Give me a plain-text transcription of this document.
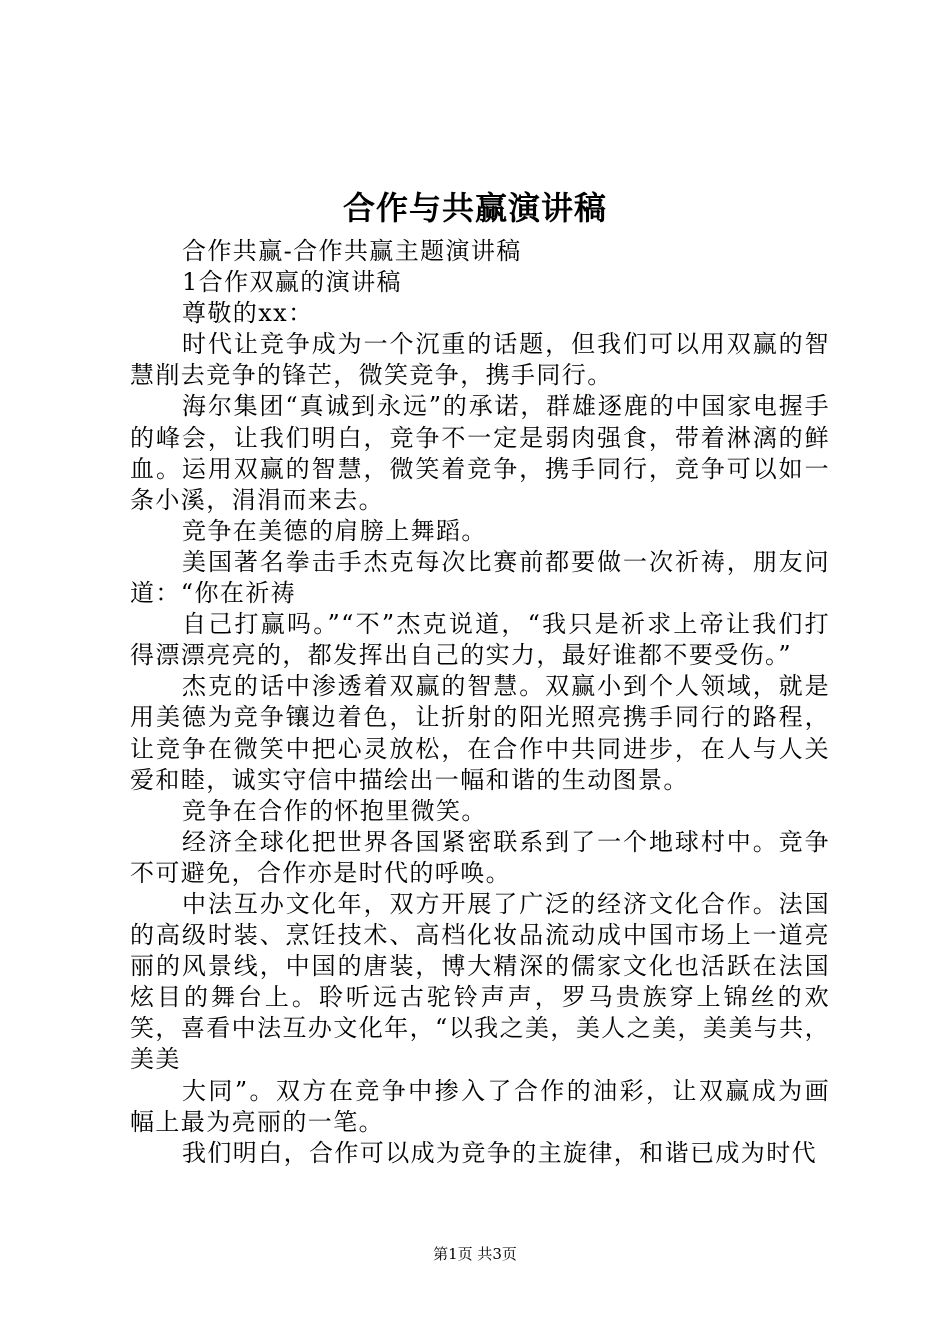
合作与共赢演讲稿

合作共赢-合作共赢主题演讲稿

1合作双赢的演讲稿

尊敬的xx：

时代让竞争成为一个沉重的话题，但我们可以用双赢的智慧削去竞争的锋芒，微笑竞争，携手同行。

海尔集团“真诚到永远”的承诺，群雄逐鹿的中国家电握手的峰会，让我们明白，竞争不一定是弱肉强食，带着淋漓的鲜血。运用双赢的智慧，微笑着竞争，携手同行，竞争可以如一条小溪，涓涓而来去。

竞争在美德的肩膀上舞蹈。

美国著名拳击手杰克每次比赛前都要做一次祈祷，朋友问道：“你在祈祷

自己打赢吗。”“不”杰克说道，“我只是祈求上帝让我们打得漂漂亮亮的，都发挥出自己的实力，最好谁都不要受伤。”

杰克的话中渗透着双赢的智慧。双赢小到个人领域，就是用美德为竞争镶边着色，让折射的阳光照亮携手同行的路程，让竞争在微笑中把心灵放松，在合作中共同进步，在人与人关爱和睦，诚实守信中描绘出一幅和谐的生动图景。

竞争在合作的怀抱里微笑。

经济全球化把世界各国紧密联系到了一个地球村中。竞争不可避免，合作亦是时代的呼唤。

中法互办文化年，双方开展了广泛的经济文化合作。法国的高级时装、烹饪技术、高档化妆品流动成中国市场上一道亮丽的风景线，中国的唐装，博大精深的儒家文化也活跃在法国炫目的舞台上。聆听远古驼铃声声，罗马贵族穿上锦丝的欢笑，喜看中法互办文化年，“以我之美，美人之美，美美与共，美美

大同”。双方在竞争中掺入了合作的油彩，让双赢成为画幅上最为亮丽的一笔。

我们明白，合作可以成为竞争的主旋律，和谐已成为时代

第1页 共3页
